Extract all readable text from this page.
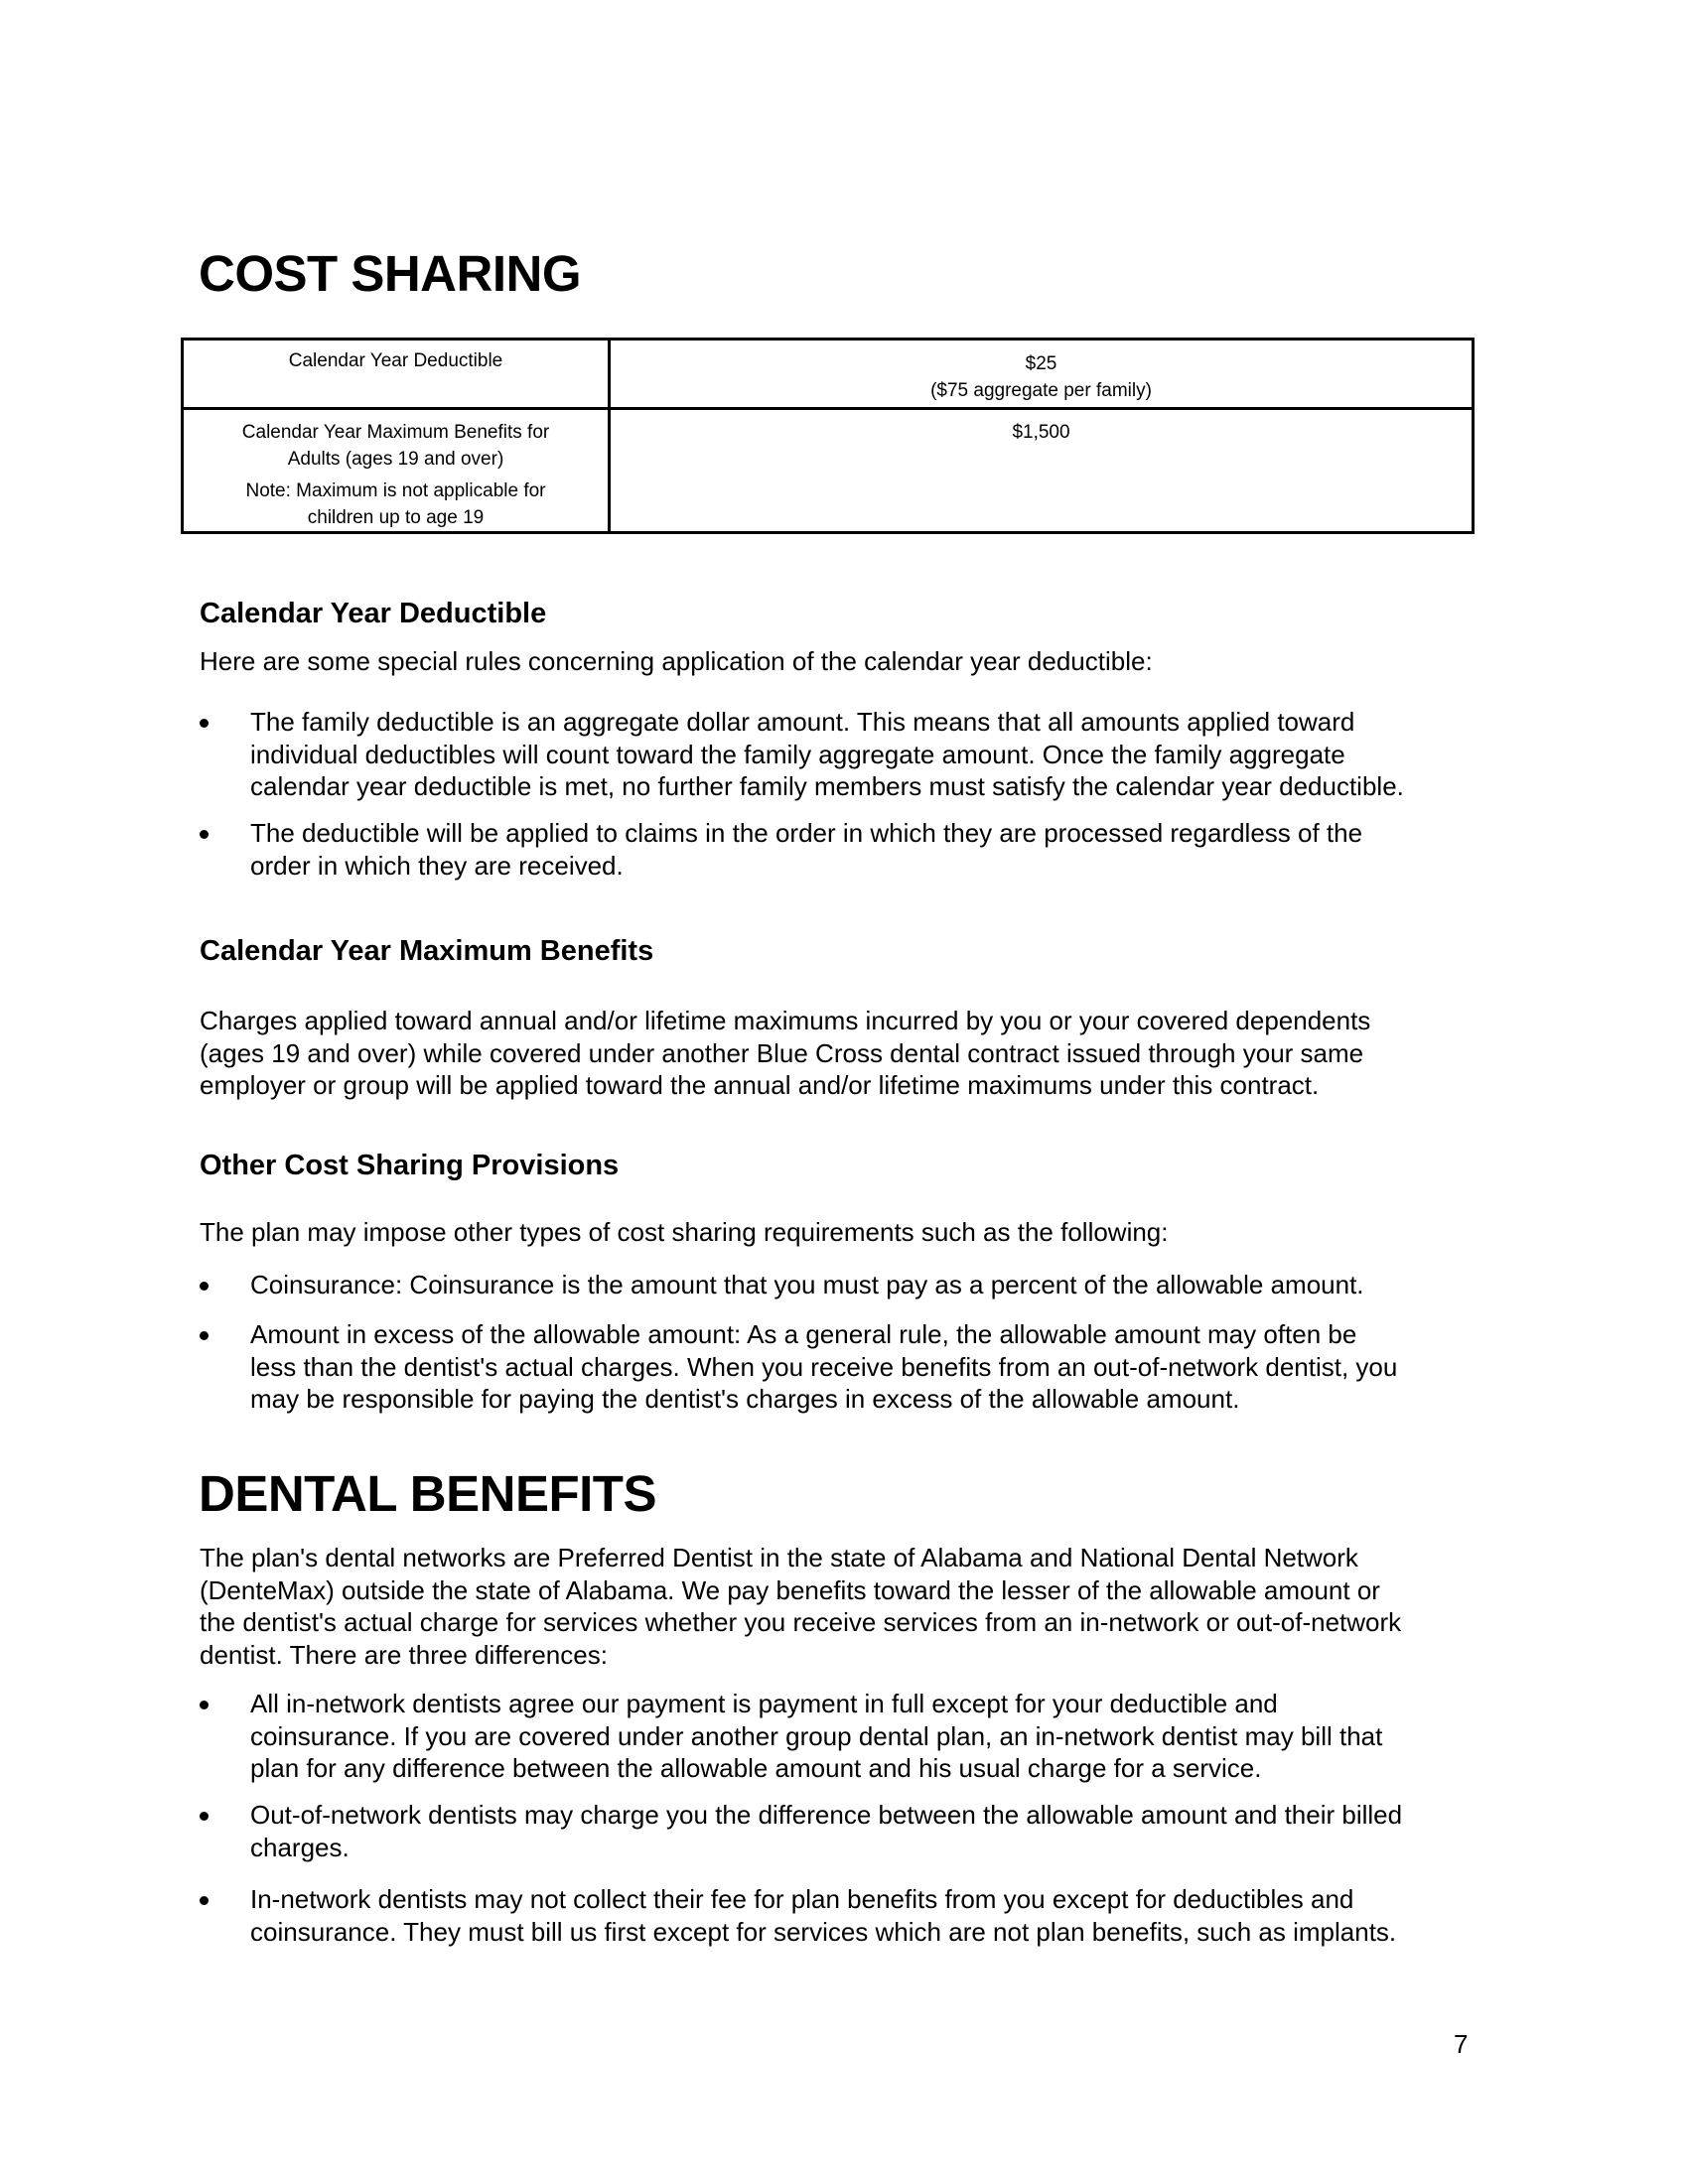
COST SHARING
Calendar Year Deductible	$25
($75 aggregate per family)

Calendar Year Maximum Benefits for
Adults (ages 19 and over)
Note: Maximum is not applicable for
children up to age 19	$1,500
Calendar Year Deductible
Here are some special rules concerning application of the calendar year deductible:
The family deductible is an aggregate dollar amount. This means that all amounts applied toward
individual deductibles will count toward the family aggregate amount. Once the family aggregate
calendar year deductible is met, no further family members must satisfy the calendar year deductible.
The deductible will be applied to claims in the order in which they are processed regardless of the
order in which they are received.
Calendar Year Maximum Benefits
Charges applied toward annual and/or lifetime maximums incurred by you or your covered dependents
(ages 19 and over) while covered under another Blue Cross dental contract issued through your same
employer or group will be applied toward the annual and/or lifetime maximums under this contract.
Other Cost Sharing Provisions
The plan may impose other types of cost sharing requirements such as the following:
Coinsurance: Coinsurance is the amount that you must pay as a percent of the allowable amount.
Amount in excess of the allowable amount: As a general rule, the allowable amount may often be
less than the dentist's actual charges. When you receive benefits from an out-of-network dentist, you
may be responsible for paying the dentist's charges in excess of the allowable amount.
DENTAL BENEFITS
The plan's dental networks are Preferred Dentist in the state of Alabama and National Dental Network
(DenteMax) outside the state of Alabama. We pay benefits toward the lesser of the allowable amount or
the dentist's actual charge for services whether you receive services from an in-network or out-of-network
dentist. There are three differences:
All in-network dentists agree our payment is payment in full except for your deductible and
coinsurance. If you are covered under another group dental plan, an in-network dentist may bill that
plan for any difference between the allowable amount and his usual charge for a service.
Out-of-network dentists may charge you the difference between the allowable amount and their billed
charges.
In-network dentists may not collect their fee for plan benefits from you except for deductibles and
coinsurance. They must bill us first except for services which are not plan benefits, such as implants.
7
